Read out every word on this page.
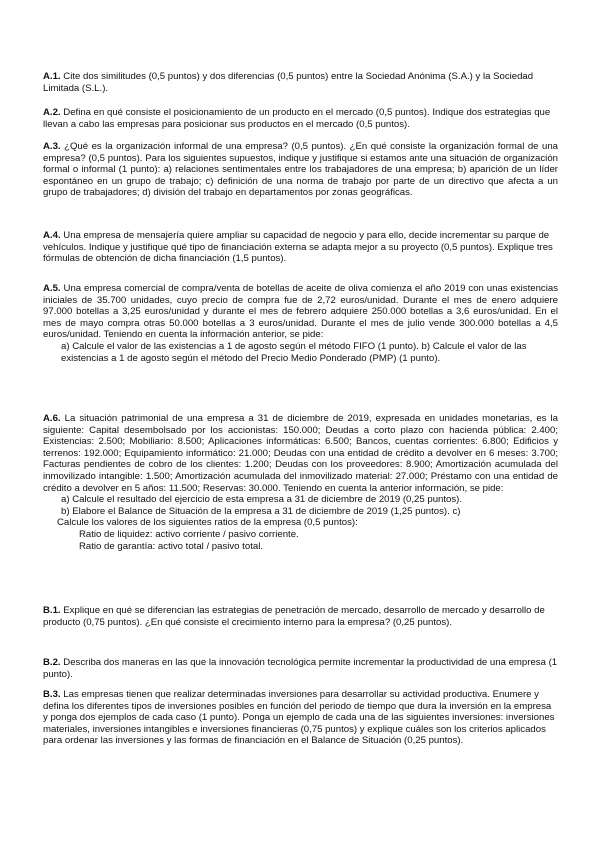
A.1. Cite dos similitudes (0,5 puntos) y dos diferencias (0,5 puntos) entre la Sociedad Anónima (S.A.) y la Sociedad Limitada (S.L.).

A.2. Defina en qué consiste el posicionamiento de un producto en el mercado (0,5 puntos). Indique dos estrategias que llevan a cabo las empresas para posicionar sus productos en el mercado (0,5 puntos).

A.3. ¿Qué es la organización informal de una empresa? (0,5 puntos). ¿En qué consiste la organización formal de una empresa? (0,5 puntos). Para los siguientes supuestos, indique y justifique si estamos ante una situación de organización formal o informal (1 punto): a) relaciones sentimentales entre los trabajadores de una empresa; b) aparición de un líder espontáneo en un grupo de trabajo; c) definición de una norma de trabajo por parte de un directivo que afecta a un grupo de trabajadores; d) división del trabajo en departamentos por zonas geográficas.

A.4. Una empresa de mensajería quiere ampliar su capacidad de negocio y para ello, decide incrementar su parque de vehículos. Indique y justifique qué tipo de financiación externa se adapta mejor a su proyecto (0,5 puntos). Explique tres fórmulas de obtención de dicha financiación (1,5 puntos).

A.5. Una empresa comercial de compra/venta de botellas de aceite de oliva comienza el año 2019 con unas existencias iniciales de 35.700 unidades, cuyo precio de compra fue de 2,72 euros/unidad. Durante el mes de enero adquiere 97.000 botellas a 3,25 euros/unidad y durante el mes de febrero adquiere 250.000 botellas a 3,6 euros/unidad. En el mes de mayo compra otras 50.000 botellas a 3 euros/unidad. Durante el mes de julio vende 300.000 botellas a 4,5 euros/unidad. Teniendo en cuenta la información anterior, se pide:

a) Calcule el valor de las existencias a 1 de agosto según el método FIFO (1 punto). b) Calcule el valor de las existencias a 1 de agosto según el método del Precio Medio Ponderado (PMP) (1 punto).

A.6. La situación patrimonial de una empresa a 31 de diciembre de 2019, expresada en unidades monetarias, es la siguiente: Capital desembolsado por los accionistas: 150.000; Deudas a corto plazo con hacienda pública: 2.400; Existencias: 2.500; Mobiliario: 8.500; Aplicaciones informáticas: 6.500; Bancos, cuentas corrientes: 6.800; Edificios y terrenos: 192.000; Equipamiento informático: 21.000; Deudas con una entidad de crédito a devolver en 6 meses: 3.700; Facturas pendientes de cobro de los clientes: 1.200; Deudas con los proveedores: 8.900; Amortización acumulada del inmovilizado intangible: 1.500; Amortización acumulada del inmovilizado material: 27.000; Préstamo con una entidad de crédito a devolver en 5 años: 11.500; Reservas: 30.000. Teniendo en cuenta la anterior información, se pide:

a) Calcule el resultado del ejercicio de esta empresa a 31 de diciembre de 2019 (0,25 puntos).

b) Elabore el Balance de Situación de la empresa a 31 de diciembre de 2019 (1,25 puntos). c)

Calcule los valores de los siguientes ratios de la empresa (0,5 puntos):

Ratio de liquidez: activo corriente / pasivo corriente.

Ratio de garantía: activo total / pasivo total.

B.1. Explique en qué se diferencian las estrategias de penetración de mercado, desarrollo de mercado y desarrollo de producto (0,75 puntos). ¿En qué consiste el crecimiento interno para la empresa? (0,25 puntos).

B.2. Describa dos maneras en las que la innovación tecnológica permite incrementar la productividad de una empresa (1 punto).

B.3. Las empresas tienen que realizar determinadas inversiones para desarrollar su actividad productiva. Enumere y defina los diferentes tipos de inversiones posibles en función del periodo de tiempo que dura la inversión en la empresa y ponga dos ejemplos de cada caso (1 punto). Ponga un ejemplo de cada una de las siguientes inversiones: inversiones materiales, inversiones intangibles e inversiones financieras (0,75 puntos) y explique cuáles son los criterios aplicados para ordenar las inversiones y las formas de financiación en el Balance de Situación (0,25 puntos).
